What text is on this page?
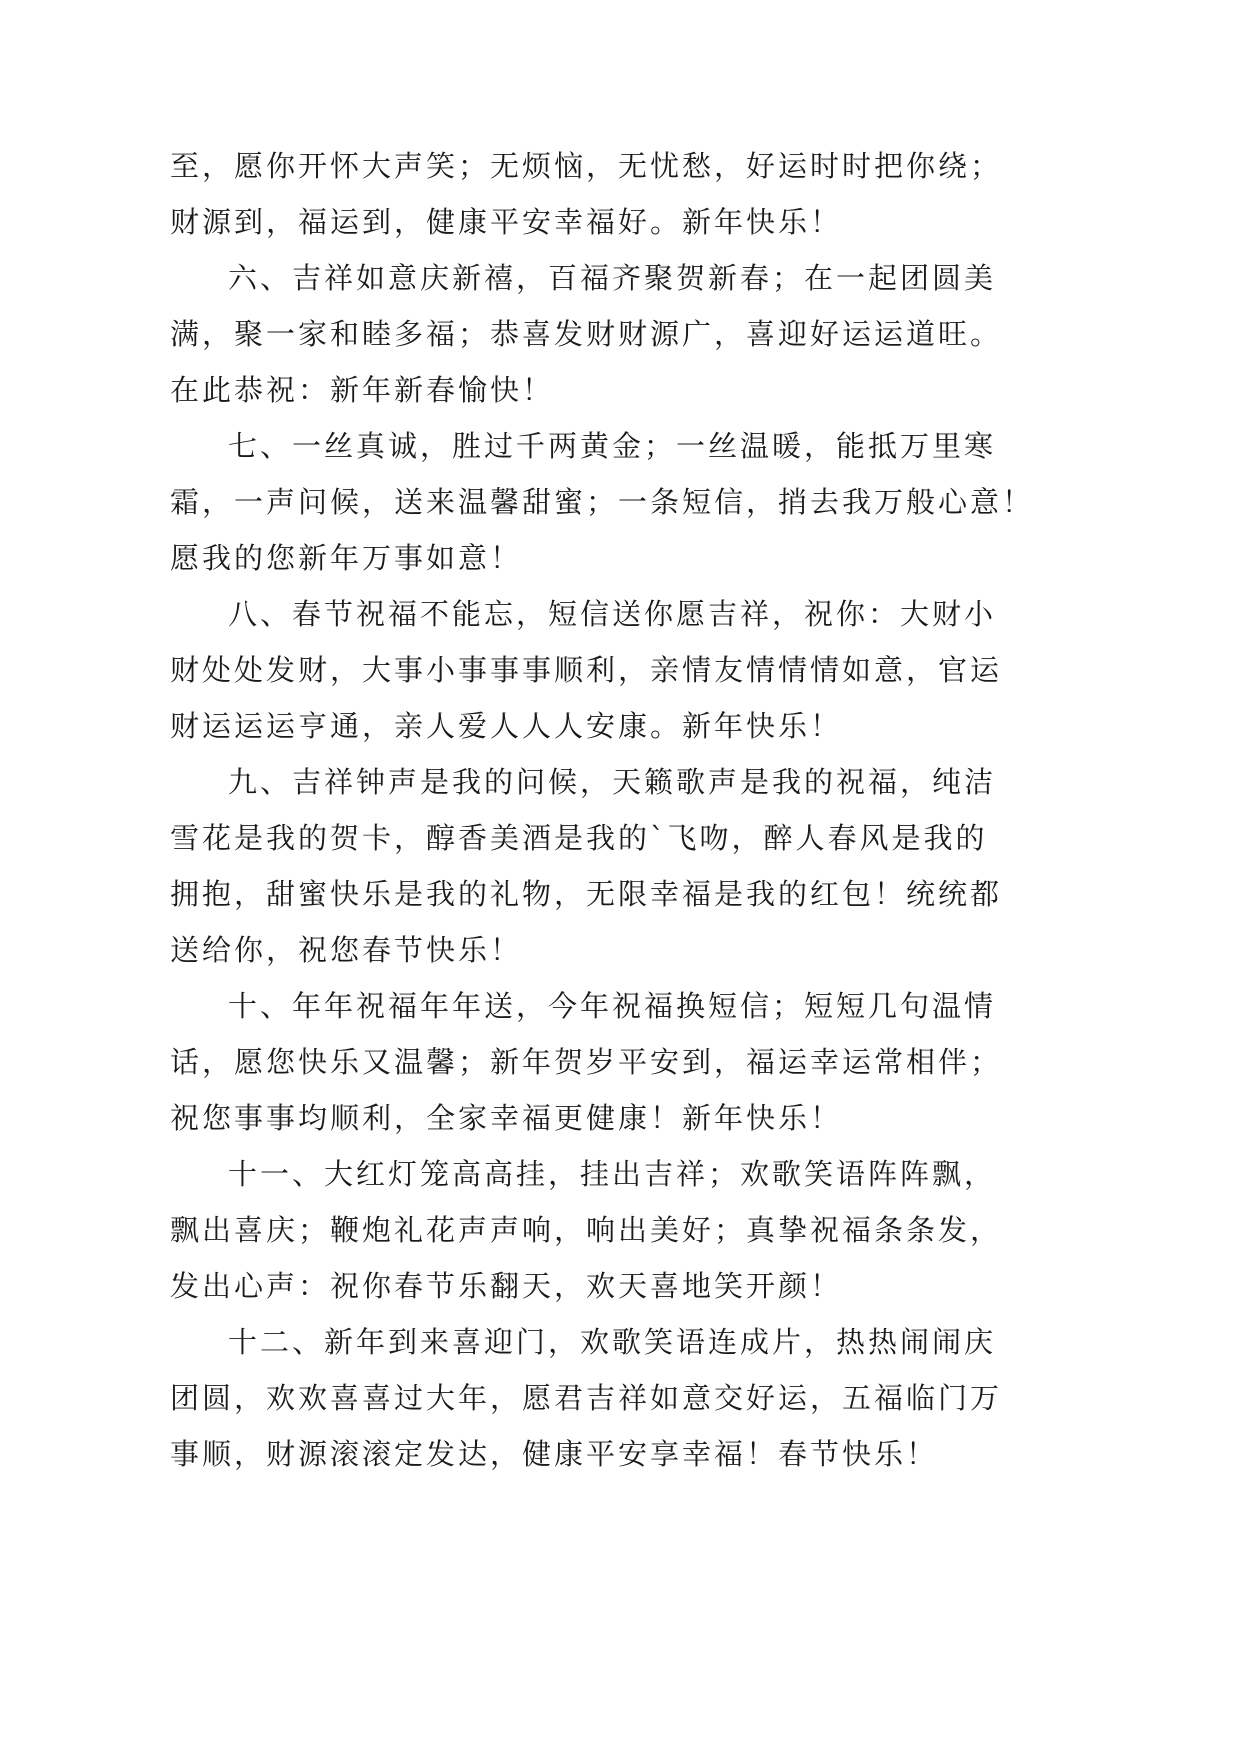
至，愿你开怀大声笑；无烦恼，无忧愁，好运时时把你绕；
财源到，福运到，健康平安幸福好。新年快乐！
六、吉祥如意庆新禧，百福齐聚贺新春；在一起团圆美
满，聚一家和睦多福；恭喜发财财源广，喜迎好运运道旺。
在此恭祝：新年新春愉快！
七、一丝真诚，胜过千两黄金；一丝温暖，能抵万里寒
霜，一声问候，送来温馨甜蜜；一条短信，捎去我万般心意！
愿我的您新年万事如意！
八、春节祝福不能忘，短信送你愿吉祥，祝你：大财小
财处处发财，大事小事事事顺利，亲情友情情情如意，官运
财运运运亨通，亲人爱人人人安康。新年快乐！
九、吉祥钟声是我的问候，天籁歌声是我的祝福，纯洁
雪花是我的贺卡，醇香美酒是我的`飞吻，醉人春风是我的
拥抱，甜蜜快乐是我的礼物，无限幸福是我的红包！统统都
送给你，祝您春节快乐！
十、年年祝福年年送，今年祝福换短信；短短几句温情
话，愿您快乐又温馨；新年贺岁平安到，福运幸运常相伴；
祝您事事均顺利，全家幸福更健康！新年快乐！
十一、大红灯笼高高挂，挂出吉祥；欢歌笑语阵阵飘，
飘出喜庆；鞭炮礼花声声响，响出美好；真挚祝福条条发，
发出心声：祝你春节乐翻天，欢天喜地笑开颜！
十二、新年到来喜迎门，欢歌笑语连成片，热热闹闹庆
团圆，欢欢喜喜过大年，愿君吉祥如意交好运，五福临门万
事顺，财源滚滚定发达，健康平安享幸福！春节快乐！
